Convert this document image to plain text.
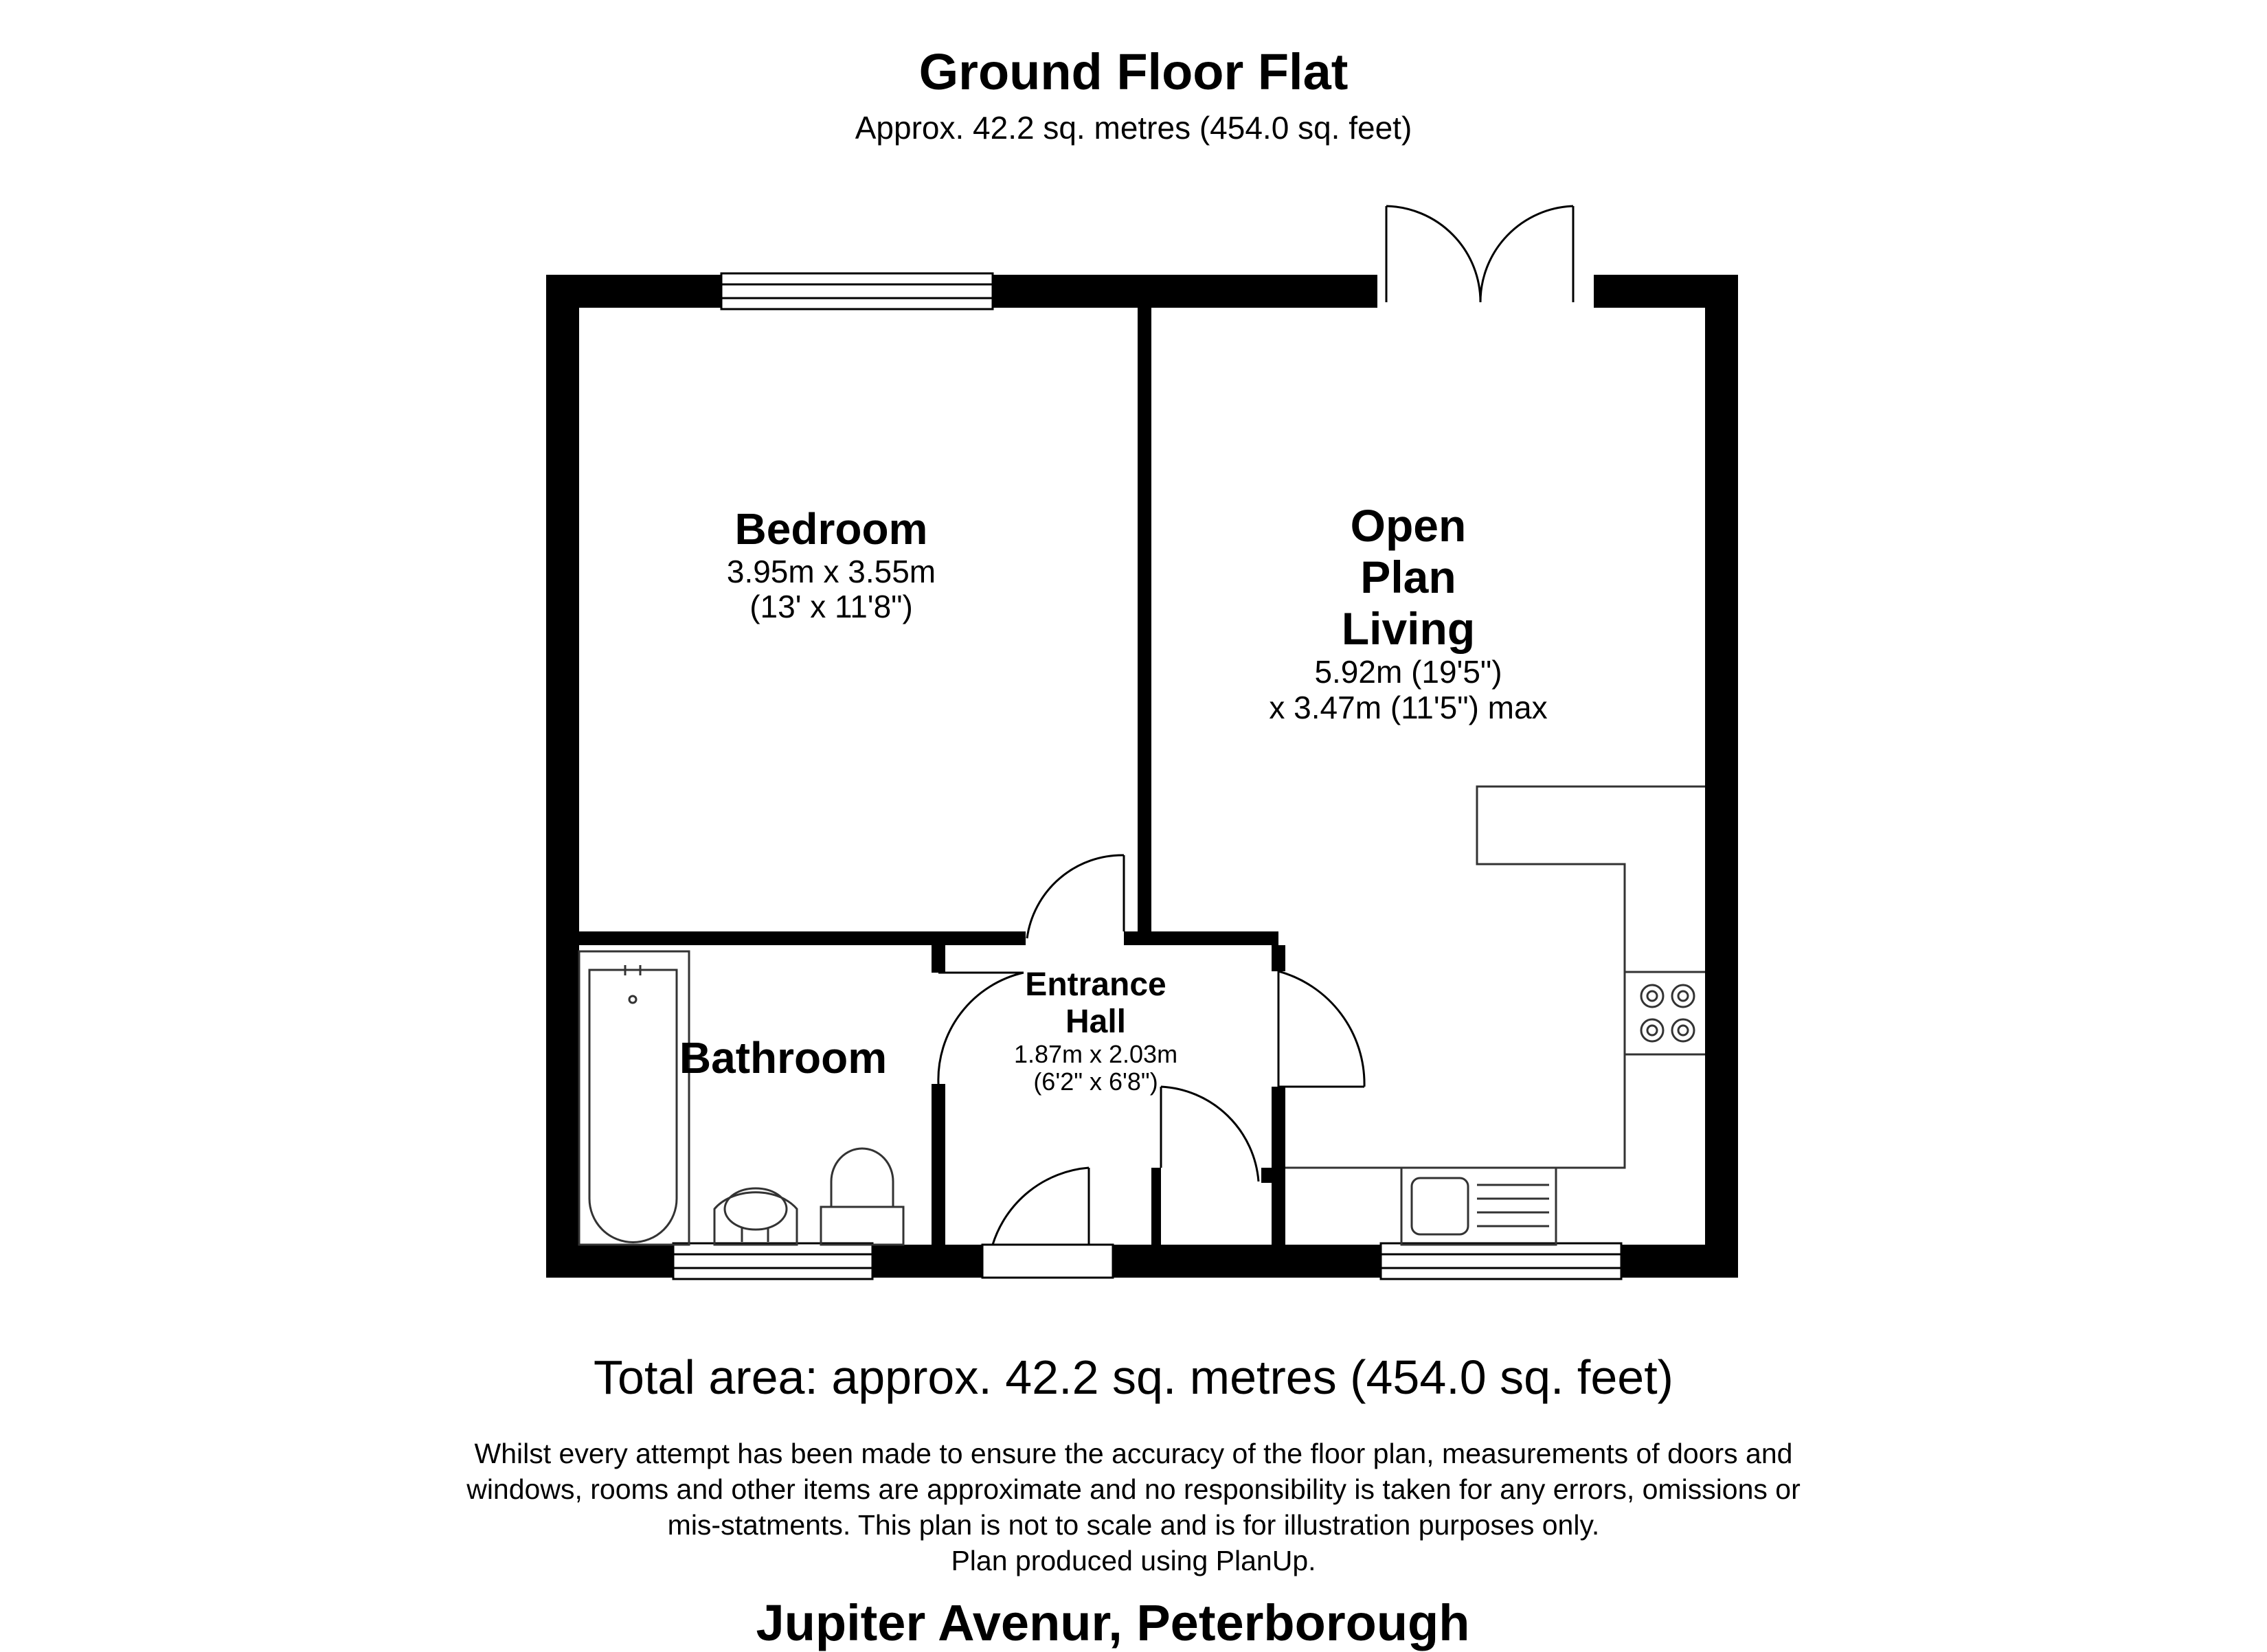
Ground Floor Flat
Approx. 42.2 sq. metres (454.0 sq. feet)
Bedroom
3.95m x 3.55m
(13' x 11'8")
Open
Plan
Living
5.92m (19'5")
x 3.47m (11'5") max
Entrance
Hall
1.87m x 2.03m
(6'2" x 6'8")
Bathroom
Total area: approx. 42.2 sq. metres (454.0 sq. feet)
Whilst every attempt has been made to ensure the accuracy of the floor plan, measurements of doors and
windows, rooms and other items are approximate and no responsibility is taken for any errors, omissions or
mis-statments. This plan is not to scale and is for illustration purposes only.
Plan produced using PlanUp.
Jupiter Avenur, Peterborough
